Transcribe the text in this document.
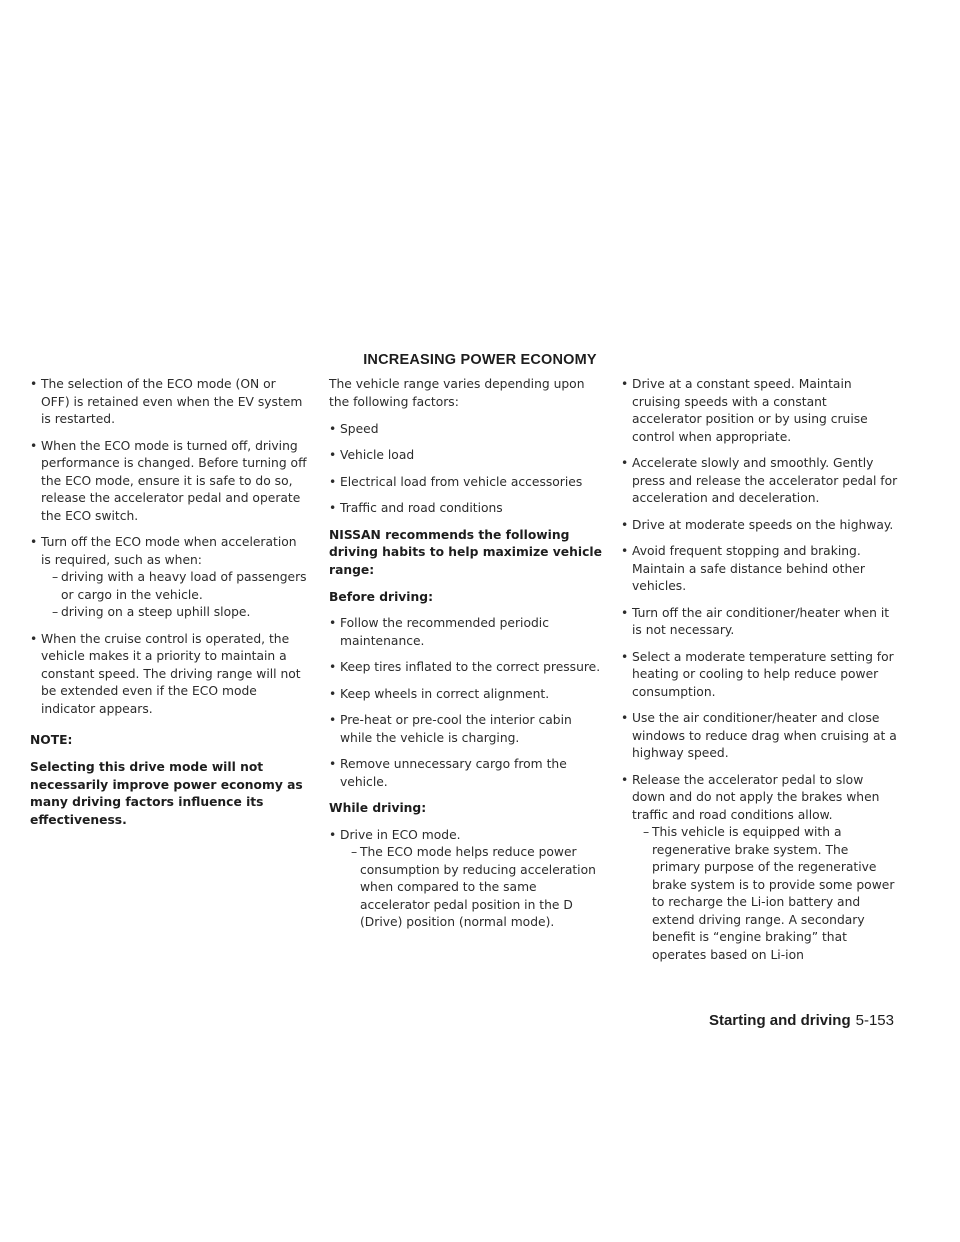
INCREASING POWER ECONOMY
• The selection of the ECO mode (ON or OFF) is retained even when the EV system is restarted.
• When the ECO mode is turned off, driving performance is changed. Before turning off the ECO mode, ensure it is safe to do so, release the accelerator pedal and operate the ECO switch.
• Turn off the ECO mode when acceleration is required, such as when:
– driving with a heavy load of passengers or cargo in the vehicle.
– driving on a steep uphill slope.
• When the cruise control is operated, the vehicle makes it a priority to maintain a constant speed. The driving range will not be extended even if the ECO mode indicator appears.

NOTE:

Selecting this drive mode will not necessarily improve power economy as many driving factors influence its effectiveness.

The vehicle range varies depending upon the following factors:

• Speed
• Vehicle load
• Electrical load from vehicle accessories
• Traffic and road conditions

NISSAN recommends the following driving habits to help maximize vehicle range:

Before driving:

• Follow the recommended periodic maintenance.
• Keep tires inflated to the correct pressure.
• Keep wheels in correct alignment.
• Pre-heat or pre-cool the interior cabin while the vehicle is charging.
• Remove unnecessary cargo from the vehicle.

While driving:

• Drive in ECO mode.
– The ECO mode helps reduce power consumption by reducing acceleration when compared to the same accelerator pedal position in the D (Drive) position (normal mode).
• Drive at a constant speed. Maintain cruising speeds with a constant accelerator position or by using cruise control when appropriate.
• Accelerate slowly and smoothly. Gently press and release the accelerator pedal for acceleration and deceleration.
• Drive at moderate speeds on the highway.
• Avoid frequent stopping and braking. Maintain a safe distance behind other vehicles.
• Turn off the air conditioner/heater when it is not necessary.
• Select a moderate temperature setting for heating or cooling to help reduce power consumption.
• Use the air conditioner/heater and close windows to reduce drag when cruising at a highway speed.
• Release the accelerator pedal to slow down and do not apply the brakes when traffic and road conditions allow.
– This vehicle is equipped with a regenerative brake system. The primary purpose of the regenerative brake system is to provide some power to recharge the Li-ion battery and extend driving range. A secondary benefit is “engine braking” that operates based on Li-ion
Starting and driving 5-153
